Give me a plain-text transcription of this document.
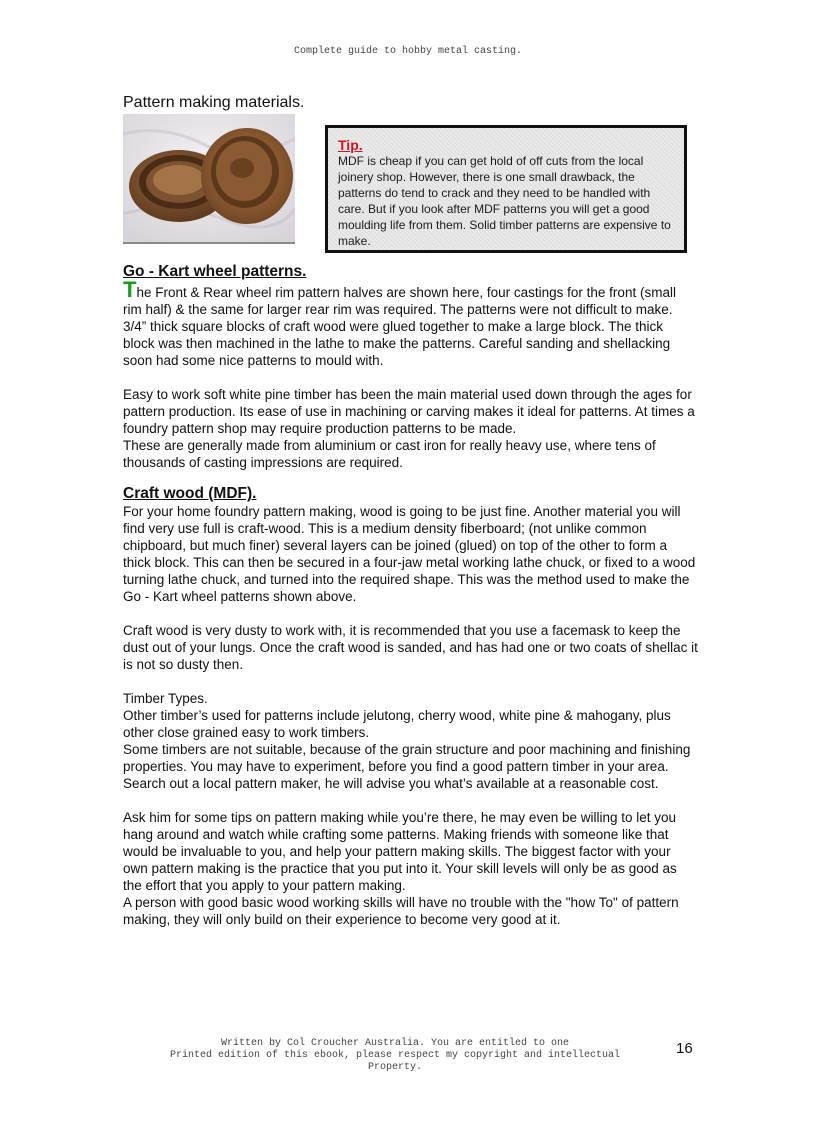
Complete guide to hobby metal casting.
Pattern making materials.
Tip.

MDF is cheap if you can get hold of off cuts from the local joinery shop. However, there is one small drawback, the patterns do tend to crack and they need to be handled with care. But if you look after MDF patterns you will get a good moulding life from them. Solid timber patterns are expensive to make.

Go - Kart wheel patterns.

The Front & Rear wheel rim pattern halves are shown here, four castings for the front (small rim half) & the same for larger rear rim was required. The patterns were not difficult to make. 3/4” thick square blocks of craft wood were glued together to make a large block. The thick block was then machined in the lathe to make the patterns. Careful sanding and shellacking soon had some nice patterns to mould with.

Easy to work soft white pine timber has been the main material used down through the ages for pattern production. Its ease of use in machining or carving makes it ideal for patterns. At times a foundry pattern shop may require production patterns to be made.

These are generally made from aluminium or cast iron for really heavy use, where tens of thousands of casting impressions are required.

Craft wood (MDF).

For your home foundry pattern making, wood is going to be just fine. Another material you will find very use full is craft-wood. This is a medium density fiberboard; (not unlike common chipboard, but much finer) several layers can be joined (glued) on top of the other to form a thick block. This can then be secured in a four-jaw metal working lathe chuck, or fixed to a wood turning lathe chuck, and turned into the required shape. This was the method used to make the Go - Kart wheel patterns shown above.

Craft wood is very dusty to work with, it is recommended that you use a facemask to keep the dust out of your lungs. Once the craft wood is sanded, and has had one or two coats of shellac it is not so dusty then.

Timber Types.

Other timber’s used for patterns include jelutong, cherry wood, white pine & mahogany, plus other close grained easy to work timbers.

Some timbers are not suitable, because of the grain structure and poor machining and finishing properties. You may have to experiment, before you find a good pattern timber in your area. Search out a local pattern maker, he will advise you what’s available at a reasonable cost.

Ask him for some tips on pattern making while you’re there, he may even be willing to let you hang around and watch while crafting some patterns. Making friends with someone like that would be invaluable to you, and help your pattern making skills. The biggest factor with your own pattern making is the practice that you put into it. Your skill levels will only be as good as the effort that you apply to your pattern making.

A person with good basic wood working skills will have no trouble with the "how To" of pattern making, they will only build on their experience to become very good at it.

Written by Col Croucher Australia. You are entitled to one
Printed edition of this ebook, please respect my copyright and intellectual
Property.
16
